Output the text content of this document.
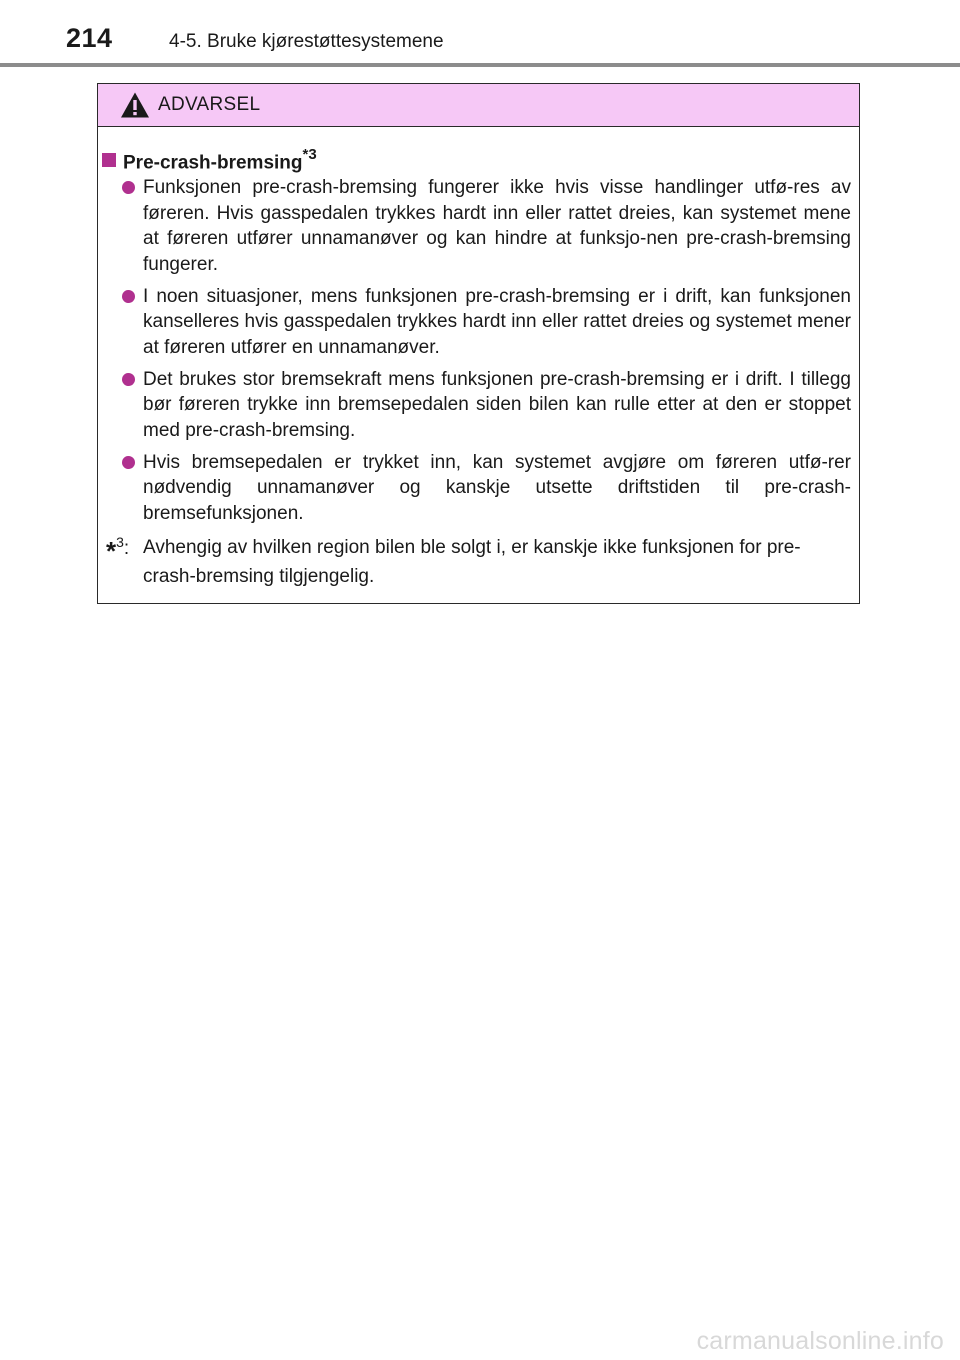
214	4-5. Bruke kjørestøttesystemene
ADVARSEL
Pre-crash-bremsing$^{*3}$
Funksjonen pre-crash-bremsing fungerer ikke hvis visse handlinger utfø-res av føreren. Hvis gasspedalen trykkes hardt inn eller rattet dreies, kan systemet mene at føreren utfører unnamanøver og kan hindre at funksjo-nen pre-crash-bremsing fungerer.
I noen situasjoner, mens funksjonen pre-crash-bremsing er i drift, kan funksjonen kanselleres hvis gasspedalen trykkes hardt inn eller rattet dreies og systemet mener at føreren utfører en unnamanøver.
Det brukes stor bremsekraft mens funksjonen pre-crash-bremsing er i drift. I tillegg bør føreren trykke inn bremsepedalen siden bilen kan rulle etter at den er stoppet med pre-crash-bremsing.
Hvis bremsepedalen er trykket inn, kan systemet avgjøre om føreren utfø-rer nødvendig unnamanøver og kanskje utsette driftstiden til pre-crash-bremsefunksjonen.
*$^3$: Avhengig av hvilken region bilen ble solgt i, er kanskje ikke funksjonen for pre-crash-bremsing tilgjengelig.
carmanualsonline.info
